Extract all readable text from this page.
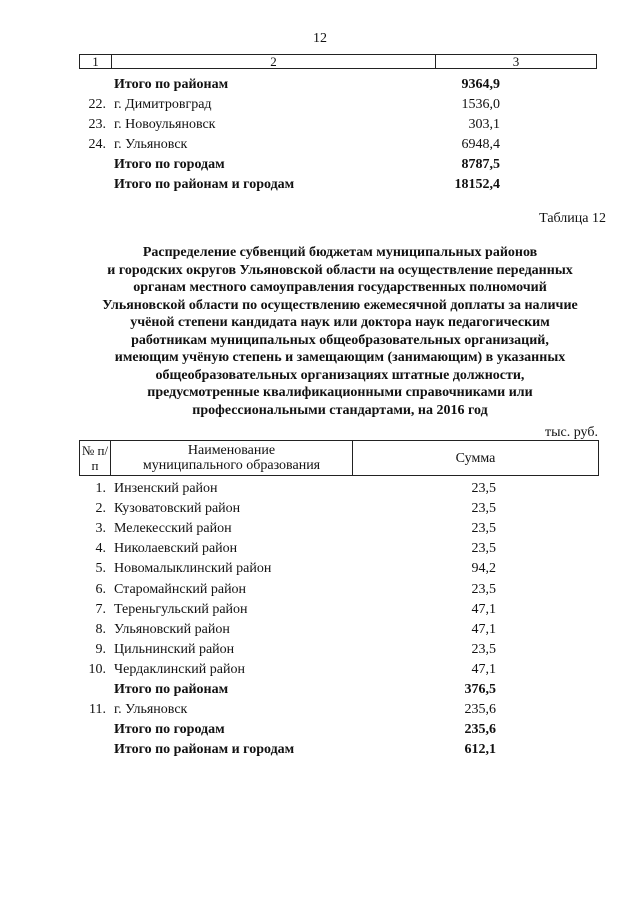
12
1	2	3
Итого по районам	9364,9
22. г. Димитровград	1536,0
23. г. Новоульяновск	303,1
24. г. Ульяновск	6948,4
Итого по городам	8787,5
Итого по районам и городам	18152,4
Таблица 12
Распределение субвенций бюджетам муниципальных районов
и городских округов Ульяновской области на осуществление переданных
органам местного самоуправления государственных полномочий
Ульяновской области по осуществлению ежемесячной доплаты за наличие
учёной степени кандидата наук или доктора наук педагогическим
работникам муниципальных общеобразовательных организаций,
имеющим учёную степень и замещающим (занимающим) в указанных
общеобразовательных организациях штатные должности,
предусмотренные квалификационными справочниками или
профессиональными стандартами, на 2016 год
тыс. руб.
№ п/п
Наименование
муниципального образования	Сумма
1. Инзенский район	23,5
2. Кузоватовский район	23,5
3. Мелекесский район	23,5
4. Николаевский район	23,5
5. Новомалыклинский район	94,2
6. Старомайнский район	23,5
7. Тереньгульский район	47,1
8. Ульяновский район	47,1
9. Цильнинский район	23,5
10. Чердаклинский район	47,1
Итого по районам	376,5
11. г. Ульяновск	235,6
Итого по городам	235,6
Итого по районам и городам	612,1
